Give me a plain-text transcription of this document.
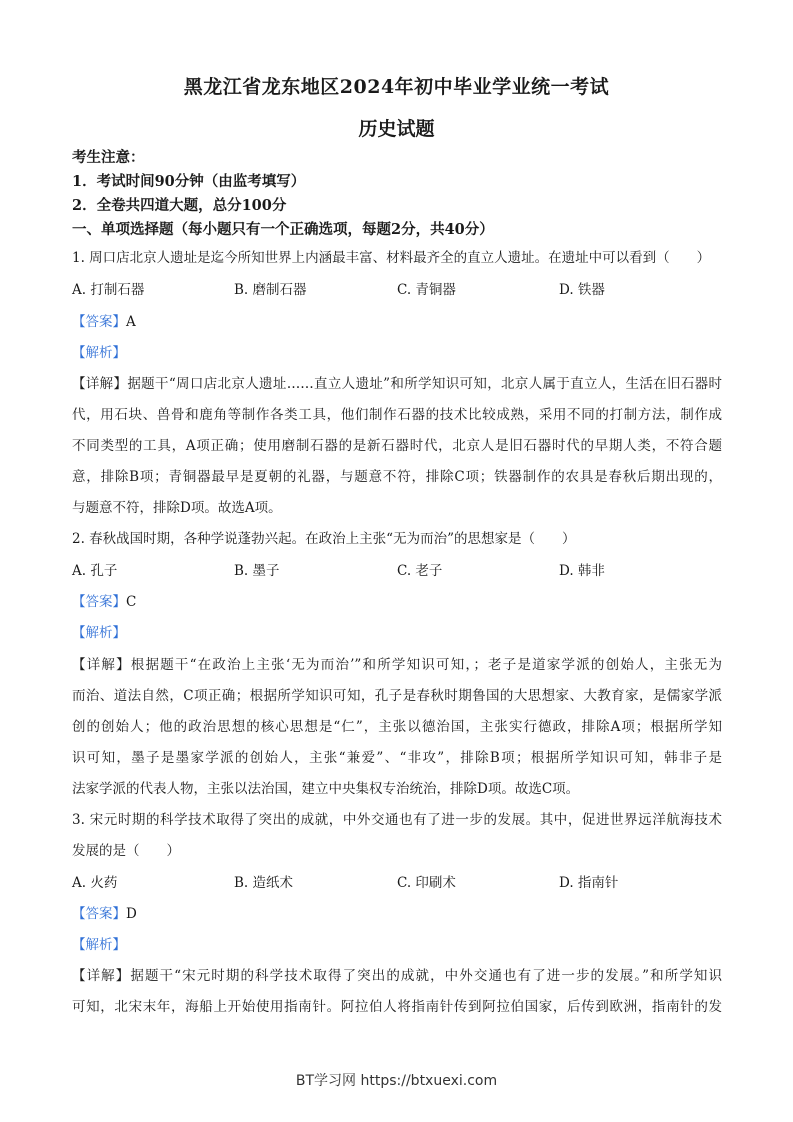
黑龙江省龙东地区2024年初中毕业学业统一考试
历史试题
考生注意：
1．考试时间90分钟（由监考填写）
2．全卷共四道大题，总分100分
一、单项选择题（每小题只有一个正确选项，每题2分，共40分）
1. 周口店北京人遗址是迄今所知世界上内涵最丰富、材料最齐全的直立人遗址。在遗址中可以看到（　　）
A. 打制石器	B. 磨制石器	C. 青铜器	D. 铁器
【答案】A
【解析】
【详解】据题干“周口店北京人遗址……直立人遗址”和所学知识可知，北京人属于直立人，生活在旧石器时
代，用石块、兽骨和鹿角等制作各类工具，他们制作石器的技术比较成熟，采用不同的打制方法，制作成
不同类型的工具，A项正确；使用磨制石器的是新石器时代，北京人是旧石器时代的早期人类，不符合题
意，排除B项；青铜器最早是夏朝的礼器，与题意不符，排除C项；铁器制作的农具是春秋后期出现的，
与题意不符，排除D项。故选A项。
2. 春秋战国时期，各种学说蓬勃兴起。在政治上主张“无为而治”的思想家是（　　）
A. 孔子	B. 墨子	C. 老子	D. 韩非
【答案】C
【解析】
【详解】根据题干“在政治上主张‘无为而治’”和所学知识可知，；老子是道家学派的创始人，主张无为
而治、道法自然，C项正确；根据所学知识可知，孔子是春秋时期鲁国的大思想家、大教育家，是儒家学派
创的创始人；他的政治思想的核心思想是“仁”，主张以德治国，主张实行德政，排除A项；根据所学知
识可知，墨子是墨家学派的创始人，主张“兼爱”、“非攻”，排除B项；根据所学知识可知，韩非子是
法家学派的代表人物，主张以法治国，建立中央集权专治统治，排除D项。故选C项。
3. 宋元时期的科学技术取得了突出的成就，中外交通也有了进一步的发展。其中，促进世界远洋航海技术
发展的是（　　）
A. 火药	B. 造纸术	C. 印刷术	D. 指南针
【答案】D
【解析】
【详解】据题干“宋元时期的科学技术取得了突出的成就，中外交通也有了进一步的发展。”和所学知识
可知，北宋末年，海船上开始使用指南针。阿拉伯人将指南针传到阿拉伯国家，后传到欧洲，指南针的发
BT学习网 https://btxuexi.com
